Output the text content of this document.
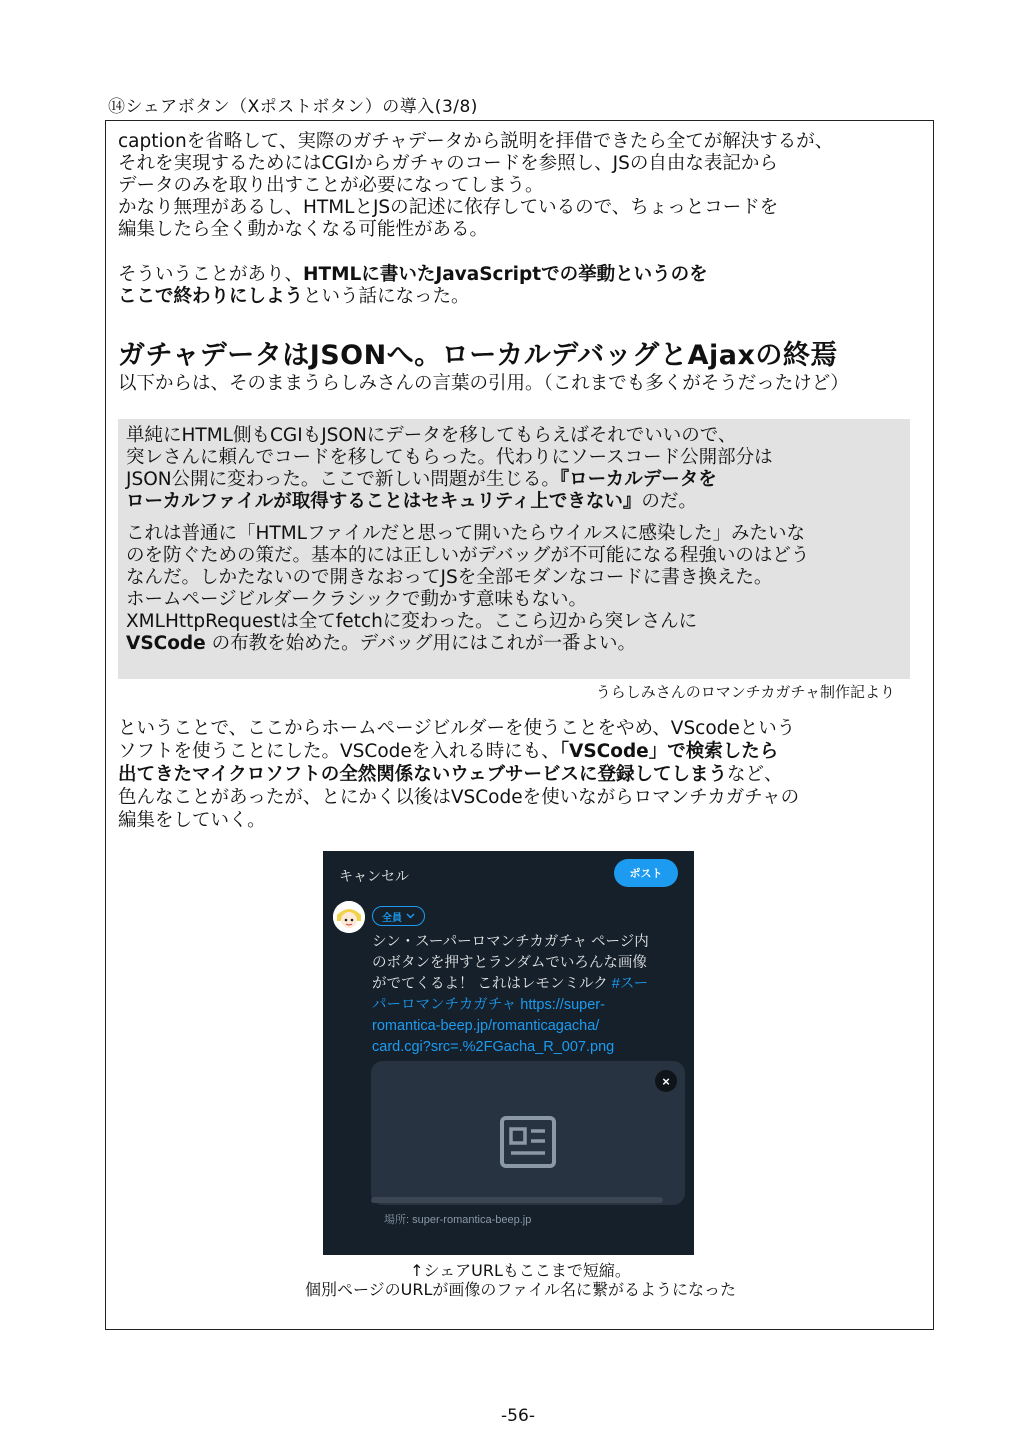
⑭シェアボタン（Xポストボタン）の導入(3/8)

captionを省略して、実際のガチャデータから説明を拝借できたら全てが解決するが、

それを実現するためにはCGIからガチャのコードを参照し、JSの自由な表記から

データのみを取り出すことが必要になってしまう。

かなり無理があるし、HTMLとJSの記述に依存しているので、ちょっとコードを

編集したら全く動かなくなる可能性がある。

そういうことがあり、HTMLに書いたJavaScriptでの挙動というのを

ここで終わりにしようという話になった。

ガチャデータはJSONへ。ローカルデバッグとAjaxの終焉
以下からは、そのままうらしみさんの言葉の引用。（これまでも多くがそうだったけど）

単純にHTML側もCGIもJSONにデータを移してもらえばそれでいいので、

突レさんに頼んでコードを移してもらった。代わりにソースコード公開部分は

JSON公開に変わった。ここで新しい問題が生じる。『ローカルデータを

ローカルファイルが取得することはセキュリティ上できない』のだ。

これは普通に「HTMLファイルだと思って開いたらウイルスに感染した」みたいな

のを防ぐための策だ。基本的には正しいがデバッグが不可能になる程強いのはどう

なんだ。しかたないので開きなおってJSを全部モダンなコードに書き換えた。

ホームページビルダークラシックで動かす意味もない。

XMLHttpRequestは全てfetchに変わった。ここら辺から突レさんに

VSCode の布教を始めた。デバッグ用にはこれが一番よい。

うらしみさんのロマンチカガチャ制作記より

ということで、ここからホームページビルダーを使うことをやめ、VScodeという

ソフトを使うことにした。VSCodeを入れる時にも、「VSCode」で検索したら

出てきたマイクロソフトの全然関係ないウェブサービスに登録してしまうなど、

色んなことがあったが、とにかく以後はVSCodeを使いながらロマンチカガチャの

編集をしていく。

↑シェアURLもここまで短縮。

個別ページのURLが画像のファイル名に繋がるようになった

キャンセル	ポスト
全員
シン・スーパーロマンチカガチャ ページ内
のボタンを押すとランダムでいろんな画像
がでてくるよ！ これはレモンミルク #スー
パーロマンチカガチャ https://super-
romantica-beep.jp/romanticagacha/
card.cgi?src=.%2FGacha_R_007.png
×
場所: super-romantica-beep.jp
-56-
